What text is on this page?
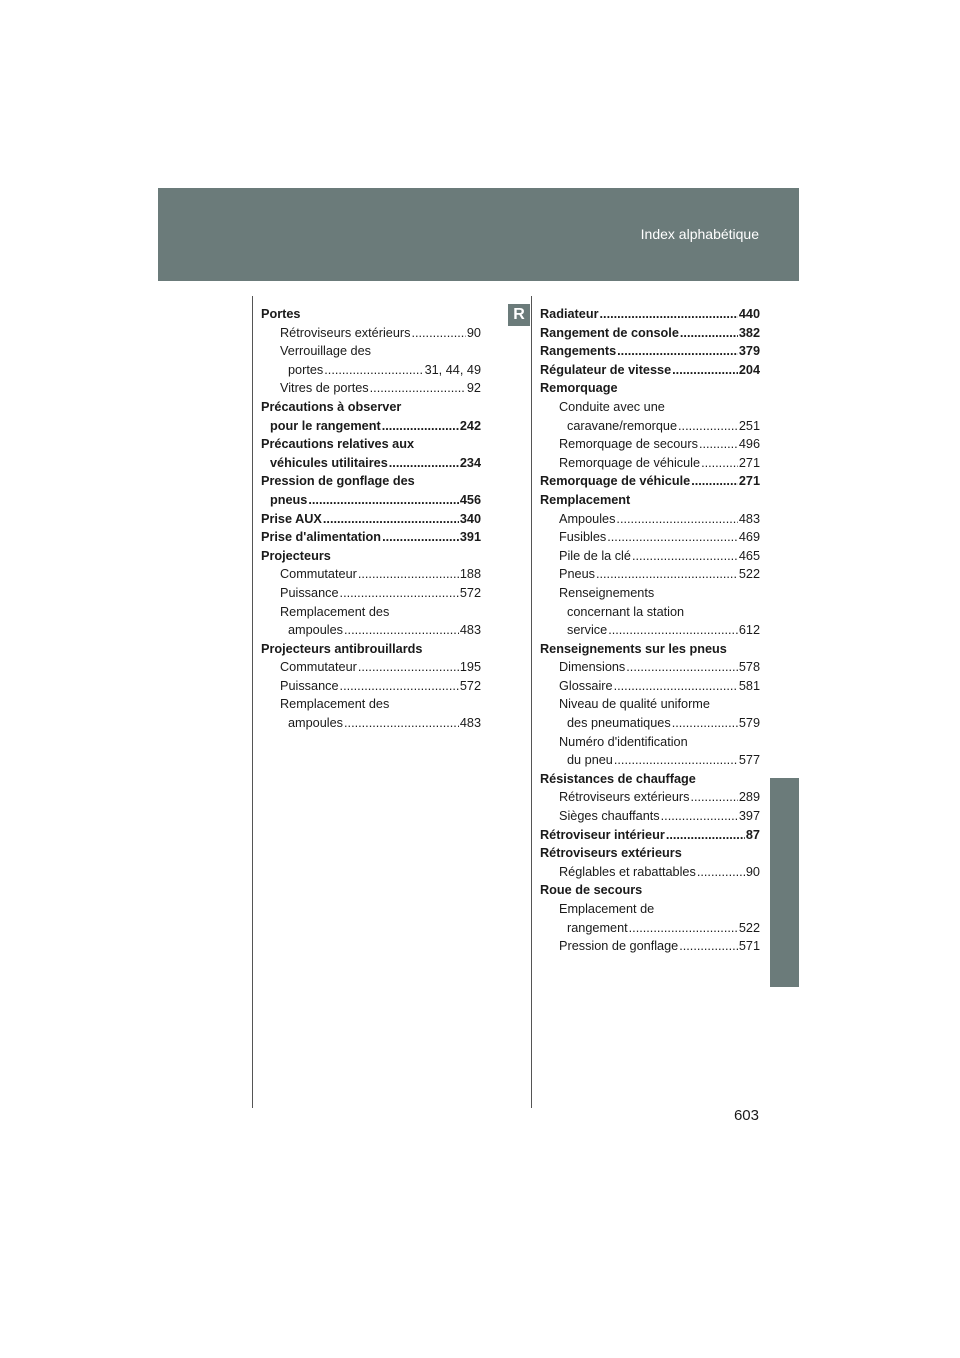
Index alphabétique
R
Portes
Rétroviseurs extérieurs .....	90
Verrouillage des
portes .....	31, 44, 49
Vitres de portes .....	92
Précautions à observer
pour le rangement .....	242
Précautions relatives aux
véhicules utilitaires .....	234
Pression de gonflage des
pneus .....	456
Prise AUX .....	340
Prise d'alimentation .....	391
Projecteurs
Commutateur .....	188
Puissance .....	572
Remplacement des
ampoules .....	483
Projecteurs antibrouillards
Commutateur .....	195
Puissance .....	572
Remplacement des
ampoules .....	483
Radiateur .....	440
Rangement de console .....	382
Rangements .....	379
Régulateur de vitesse .....	204
Remorquage
Conduite avec une
caravane/remorque .....	251
Remorquage de secours .....	496
Remorquage de véhicule .....	271
Remorquage de véhicule .....	271
Remplacement
Ampoules .....	483
Fusibles .....	469
Pile de la clé .....	465
Pneus .....	522
Renseignements
concernant la station
service .....	612
Renseignements sur les pneus
Dimensions .....	578
Glossaire .....	581
Niveau de qualité uniforme
des pneumatiques .....	579
Numéro d'identification
du pneu .....	577
Résistances de chauffage
Rétroviseurs extérieurs .....	289
Sièges chauffants .....	397
Rétroviseur intérieur .....	87
Rétroviseurs extérieurs
Réglables et rabattables .....	90
Roue de secours
Emplacement de
rangement .....	522
Pression de gonflage .....	571
603
